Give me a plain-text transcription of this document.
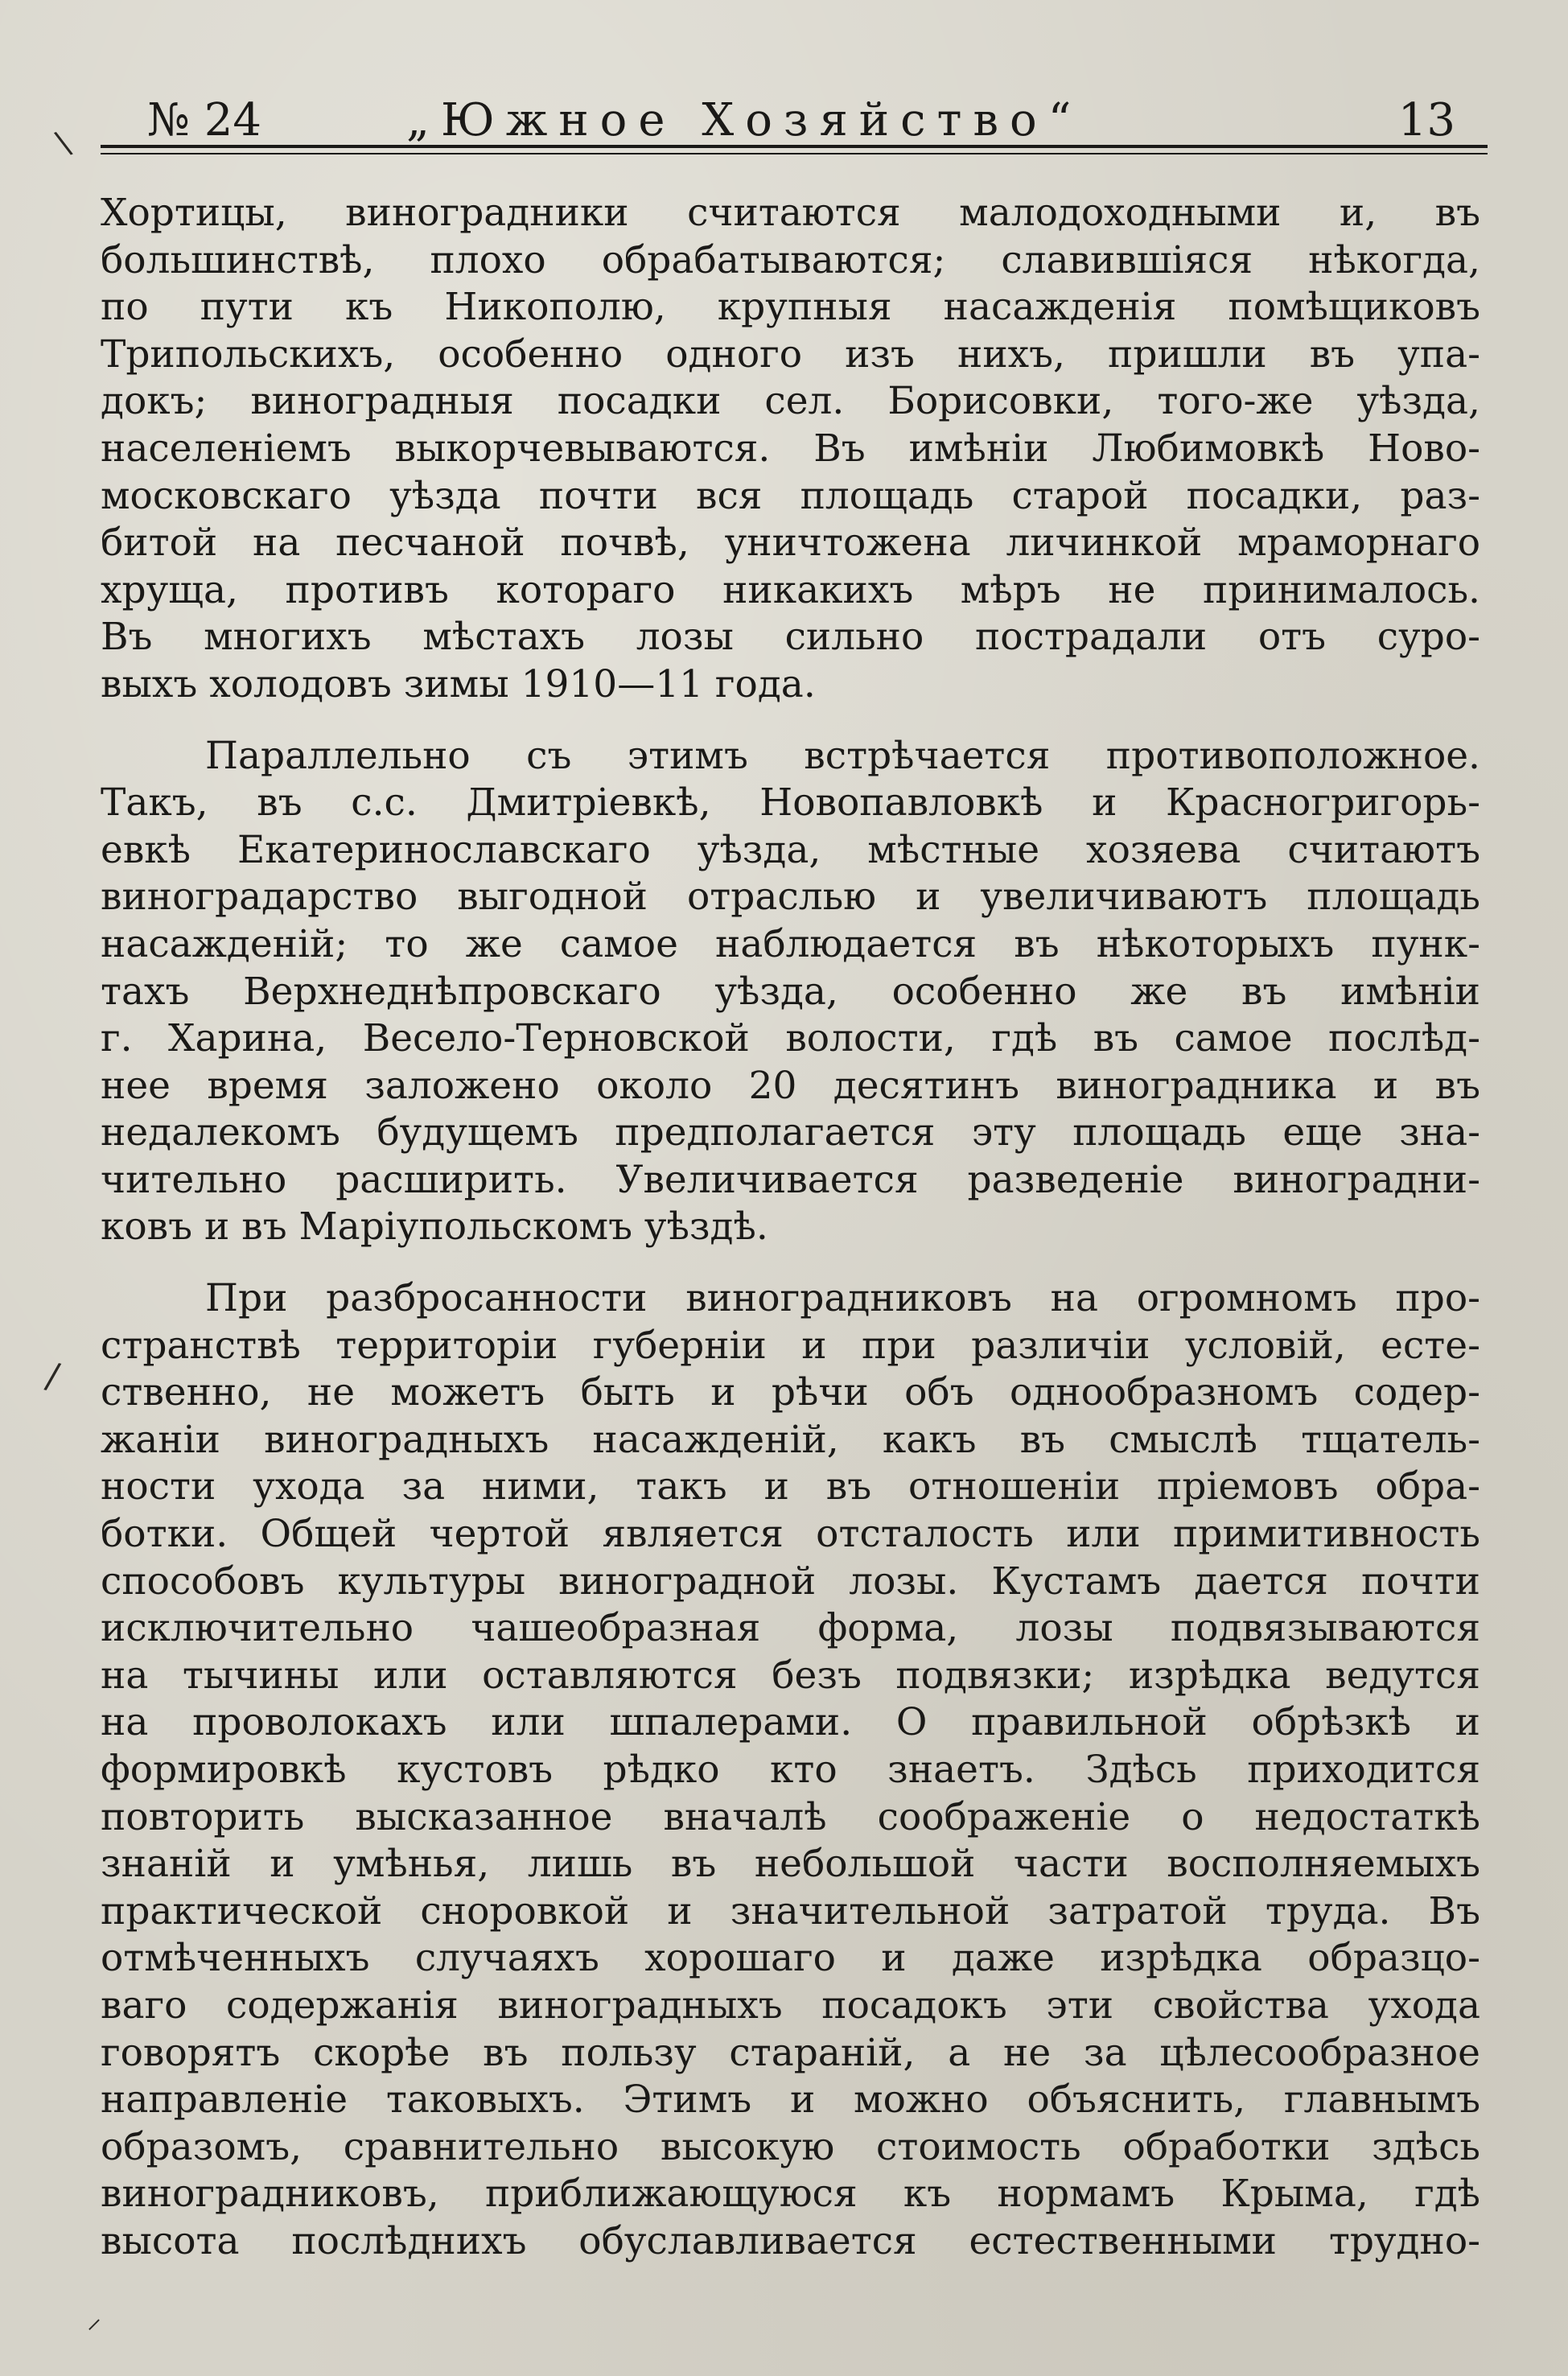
\ № 24	„Южное Хозяйство“	13
Хортицы, виноградники считаются малодоходными и, въ
большинствѣ, плохо обрабатываются; славившіяся нѣкогда,
по пути къ Никополю, крупныя насажденія помѣщиковъ
Трипольскихъ, особенно одного изъ нихъ, пришли въ упа-
докъ; виноградныя посадки сел. Борисовки, того-же уѣзда,
населеніемъ выкорчевываются. Въ имѣніи Любимовкѣ Ново-
московскаго уѣзда почти вся площадь старой посадки, раз-
битой на песчаной почвѣ, уничтожена личинкой мраморнаго
хруща, противъ котораго никакихъ мѣръ не принималось.
Въ многихъ мѣстахъ лозы сильно пострадали отъ суро-
выхъ холодовъ зимы 1910—11 года.
Параллельно съ этимъ встрѣчается противоположное.
Такъ, въ с.с. Дмитріевкѣ, Новопавловкѣ и Красногригорь-
евкѣ Екатеринославскаго уѣзда, мѣстные хозяева считаютъ
виноградарство выгодной отраслью и увеличиваютъ площадь
насажденій; то же самое наблюдается въ нѣкоторыхъ пунк-
тахъ Верхнеднѣпровскаго уѣзда, особенно же въ имѣніи
г. Харина, Весело-Терновской волости, гдѣ въ самое послѣд-
нее время заложено около 20 десятинъ виноградника и въ
недалекомъ будущемъ предполагается эту площадь еще зна-
чительно расширить. Увеличивается разведеніе виноградни-
ковъ и въ Маріупольскомъ уѣздѣ.
При разбросанности виноградниковъ на огромномъ про-
странствѣ территоріи губерніи и при различіи условій, есте-
ственно, не можетъ быть и рѣчи объ однообразномъ содер-
жаніи виноградныхъ насажденій, какъ въ смыслѣ тщатель-
ности ухода за ними, такъ и въ отношеніи пріемовъ обра-
ботки. Общей чертой является отсталость или примитивность
способовъ культуры виноградной лозы. Кустамъ дается почти
исключительно чашеобразная форма, лозы подвязываются
на тычины или оставляются безъ подвязки; изрѣдка ведутся
на проволокахъ или шпалерами. О правильной обрѣзкѣ и
формировкѣ кустовъ рѣдко кто знаетъ. Здѣсь приходится
повторить высказанное вначалѣ соображеніе о недостаткѣ
знаній и умѣнья, лишь въ небольшой части восполняемыхъ
практической сноровкой и значительной затратой труда. Въ
отмѣченныхъ случаяхъ хорошаго и даже изрѣдка образцо-
ваго содержанія виноградныхъ посадокъ эти свойства ухода
говорятъ скорѣе въ пользу стараній, а не за цѣлесообразное
направленіе таковыхъ. Этимъ и можно объяснить, главнымъ
образомъ, сравнительно высокую стоимость обработки здѣсь
виноградниковъ, приближающуюся къ нормамъ Крыма, гдѣ
высота послѣднихъ обуславливается естественными трудно-
/
⸝
